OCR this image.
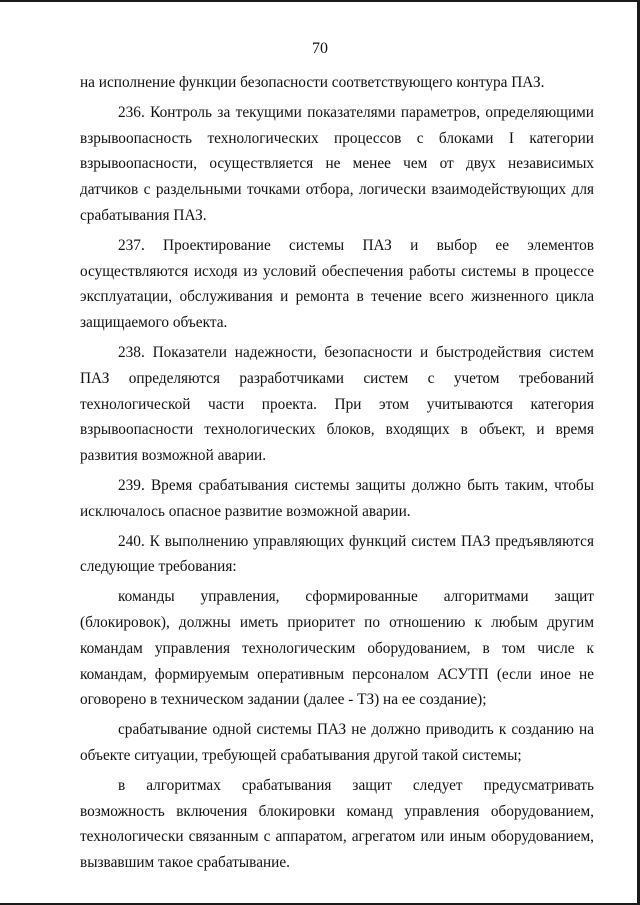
70

на исполнение функции безопасности соответствующего контура ПАЗ.

236. Контроль за текущими показателями параметров, определяющими взрывоопасность технологических процессов с блоками I категории взрывоопасности, осуществляется не менее чем от двух независимых датчиков с раздельными точками отбора, логически взаимодействующих для срабатывания ПАЗ.

237. Проектирование системы ПАЗ и выбор ее элементов осуществляются исходя из условий обеспечения работы системы в процессе эксплуатации, обслуживания и ремонта в течение всего жизненного цикла защищаемого объекта.

238. Показатели надежности, безопасности и быстродействия систем ПАЗ определяются разработчиками систем с учетом требований технологической части проекта. При этом учитываются категория взрывоопасности технологических блоков, входящих в объект, и время развития возможной аварии.

239. Время срабатывания системы защиты должно быть таким, чтобы исключалось опасное развитие возможной аварии.

240. К выполнению управляющих функций систем ПАЗ предъявляются следующие требования:

команды управления, сформированные алгоритмами защит (блокировок), должны иметь приоритет по отношению к любым другим командам управления технологическим оборудованием, в том числе к командам, формируемым оперативным персоналом АСУТП (если иное не оговорено в техническом задании (далее - ТЗ) на ее создание);

срабатывание одной системы ПАЗ не должно приводить к созданию на объекте ситуации, требующей срабатывания другой такой системы;

в алгоритмах срабатывания защит следует предусматривать возможность включения блокировки команд управления оборудованием, технологически связанным с аппаратом, агрегатом или иным оборудованием, вызвавшим такое срабатывание.
